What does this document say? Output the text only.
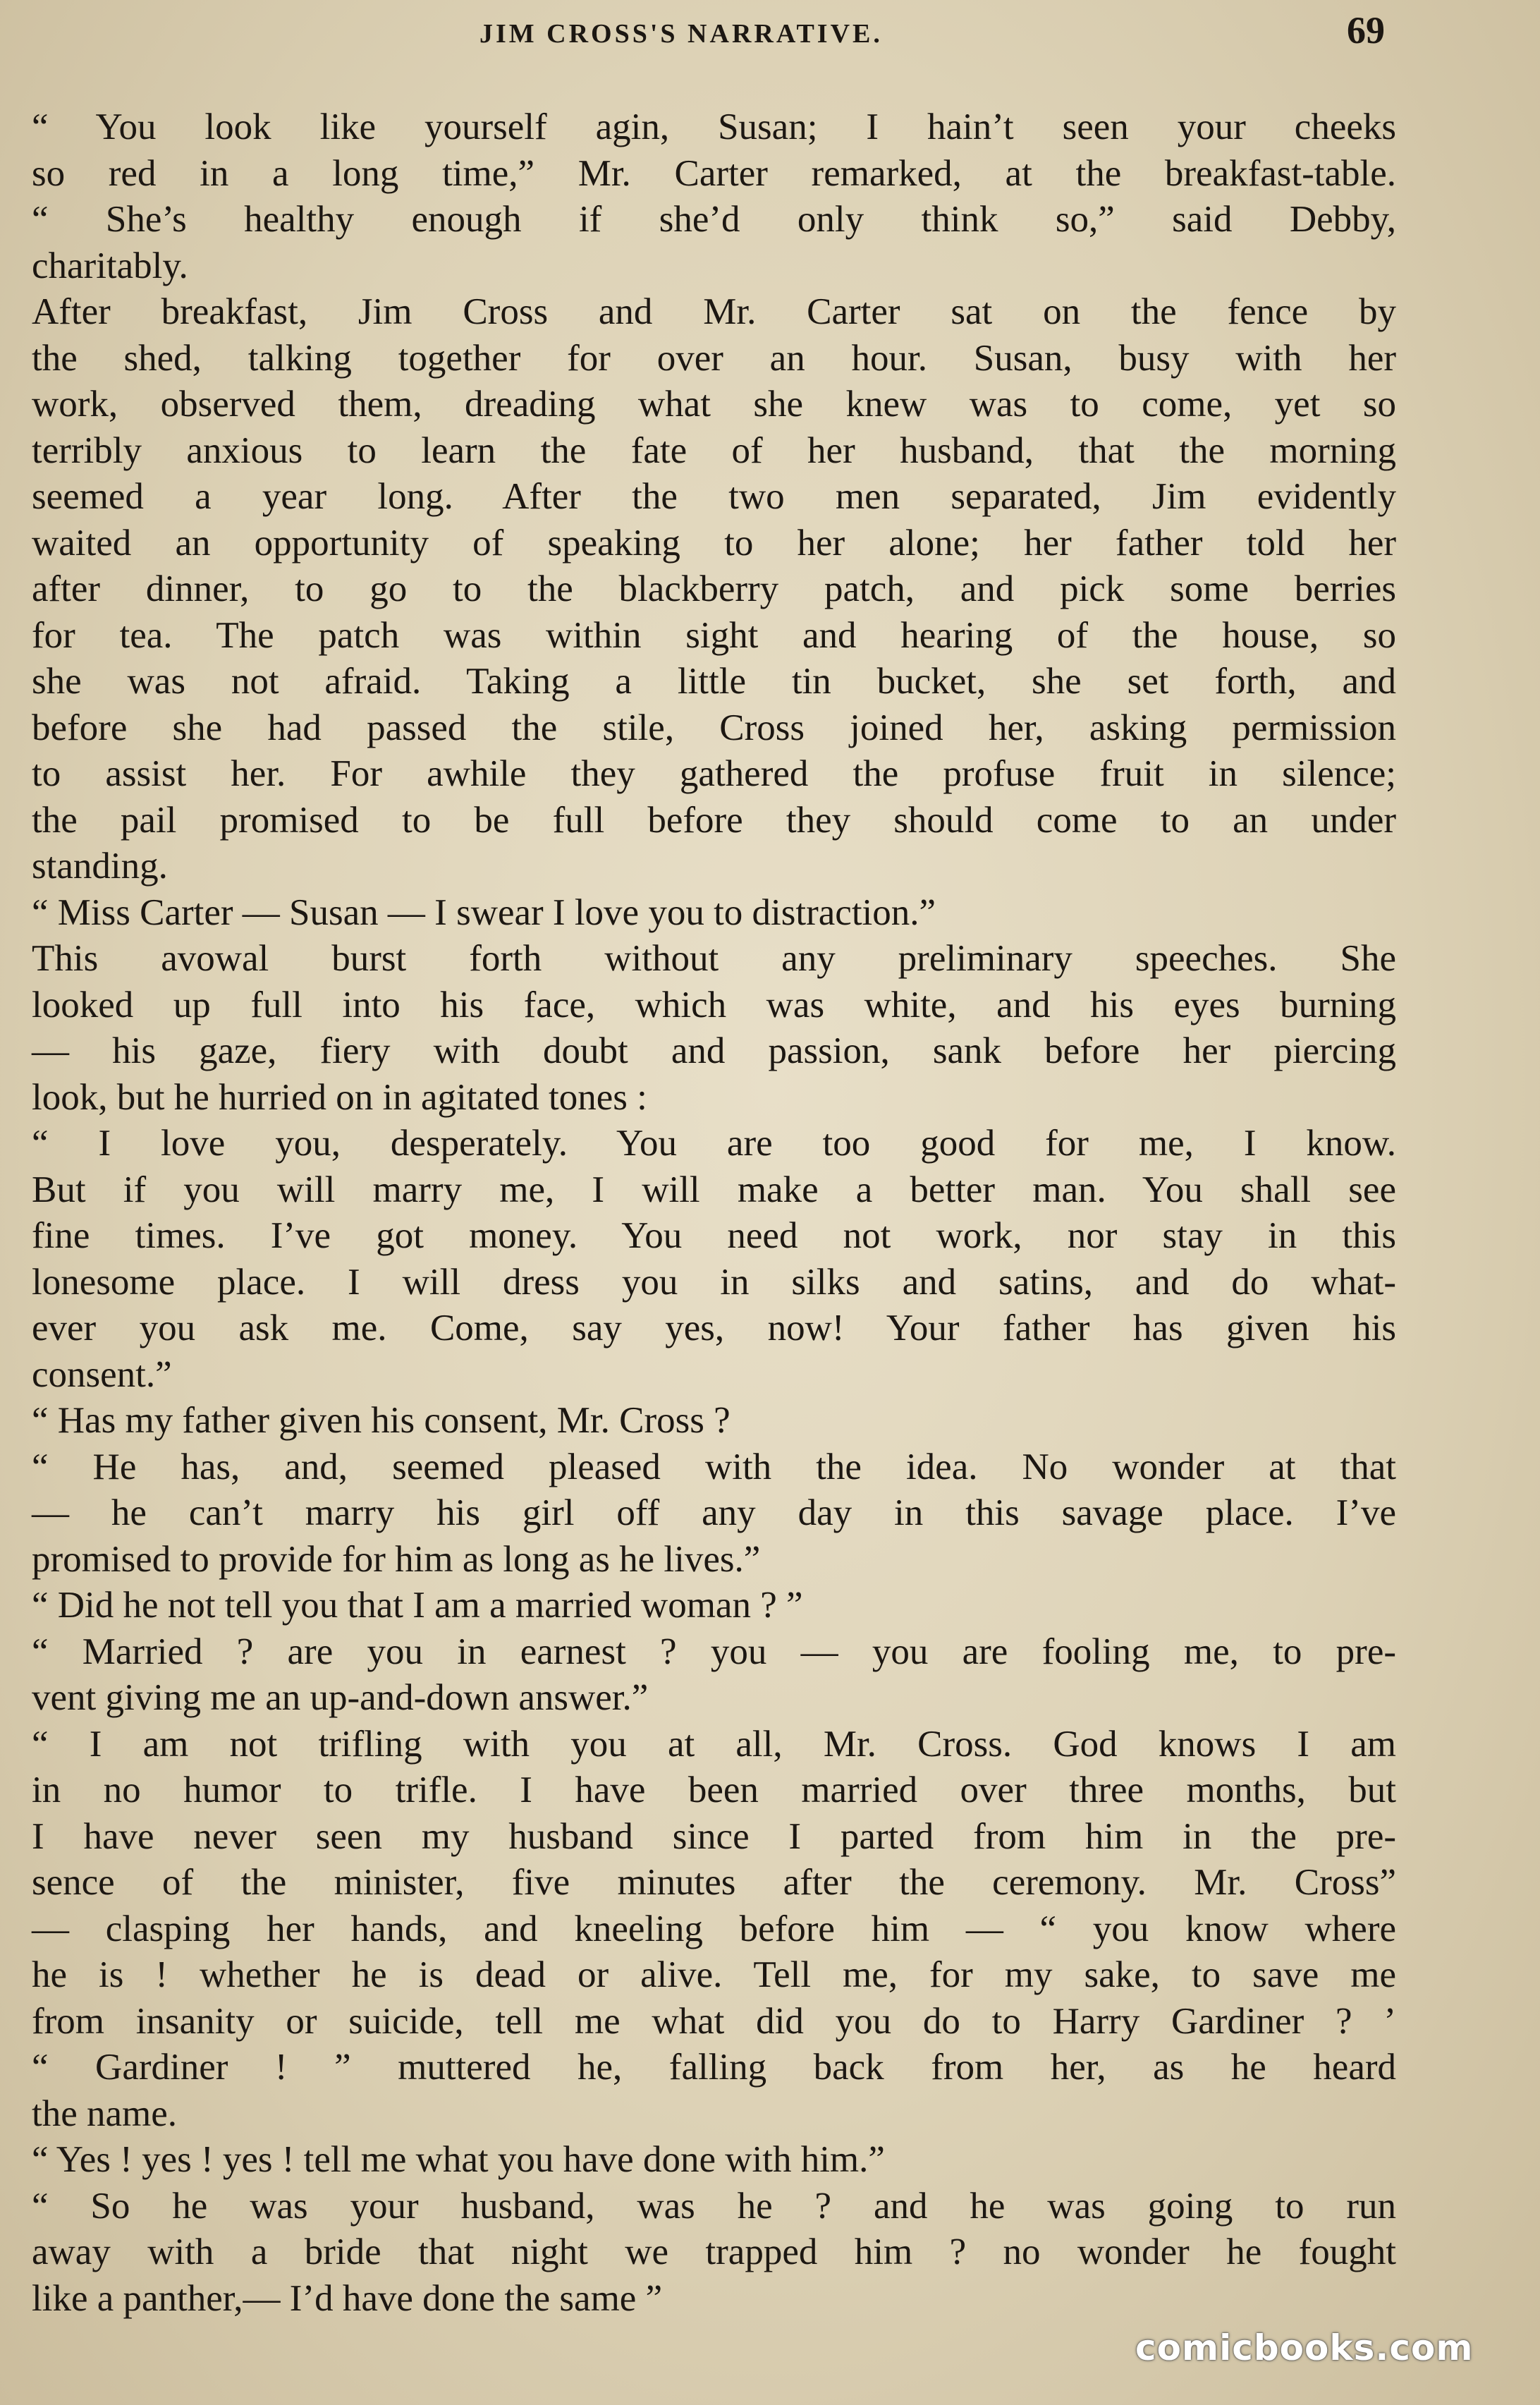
JIM CROSS'S NARRATIVE.	69
“ You look like yourself agin, Susan; I hain’t seen your cheeks
so red in a long time,” Mr. Carter remarked, at the breakfast-table.
“ She’s healthy enough if she’d only think so,” said Debby,
charitably.
After breakfast, Jim Cross and Mr. Carter sat on the fence by
the shed, talking together for over an hour. Susan, busy with her
work, observed them, dreading what she knew was to come, yet so
terribly anxious to learn the fate of her husband, that the morning
seemed a year long. After the two men separated, Jim evidently
waited an opportunity of speaking to her alone; her father told her
after dinner, to go to the blackberry patch, and pick some berries
for tea. The patch was within sight and hearing of the house, so
she was not afraid. Taking a little tin bucket, she set forth, and
before she had passed the stile, Cross joined her, asking permission
to assist her. For awhile they gathered the profuse fruit in silence;
the pail promised to be full before they should come to an under
standing.
“ Miss Carter — Susan — I swear I love you to distraction.”
This avowal burst forth without any preliminary speeches. She
looked up full into his face, which was white, and his eyes burning
— his gaze, fiery with doubt and passion, sank before her piercing
look, but he hurried on in agitated tones :
“ I love you, desperately. You are too good for me, I know.
But if you will marry me, I will make a better man. You shall see
fine times. I’ve got money. You need not work, nor stay in this
lonesome place. I will dress you in silks and satins, and do what-
ever you ask me. Come, say yes, now! Your father has given his
consent.”
“ Has my father given his consent, Mr. Cross ?
“ He has, and, seemed pleased with the idea. No wonder at that
— he can’t marry his girl off any day in this savage place. I’ve
promised to provide for him as long as he lives.”
“ Did he not tell you that I am a married woman ? ”
“ Married ? are you in earnest ? you — you are fooling me, to pre-
vent giving me an up-and-down answer.”
“ I am not trifling with you at all, Mr. Cross. God knows I am
in no humor to trifle. I have been married over three months, but
I have never seen my husband since I parted from him in the pre-
sence of the minister, five minutes after the ceremony. Mr. Cross”
— clasping her hands, and kneeling before him — “ you know where
he is ! whether he is dead or alive. Tell me, for my sake, to save me
from insanity or suicide, tell me what did you do to Harry Gardiner ? ’
“ Gardiner ! ” muttered he, falling back from her, as he heard
the name.
“ Yes ! yes ! yes ! tell me what you have done with him.”
“ So he was your husband, was he ? and he was going to run
away with a bride that night we trapped him ? no wonder he fought
like a panther,— I’d have done the same ”
comicbooks.com
